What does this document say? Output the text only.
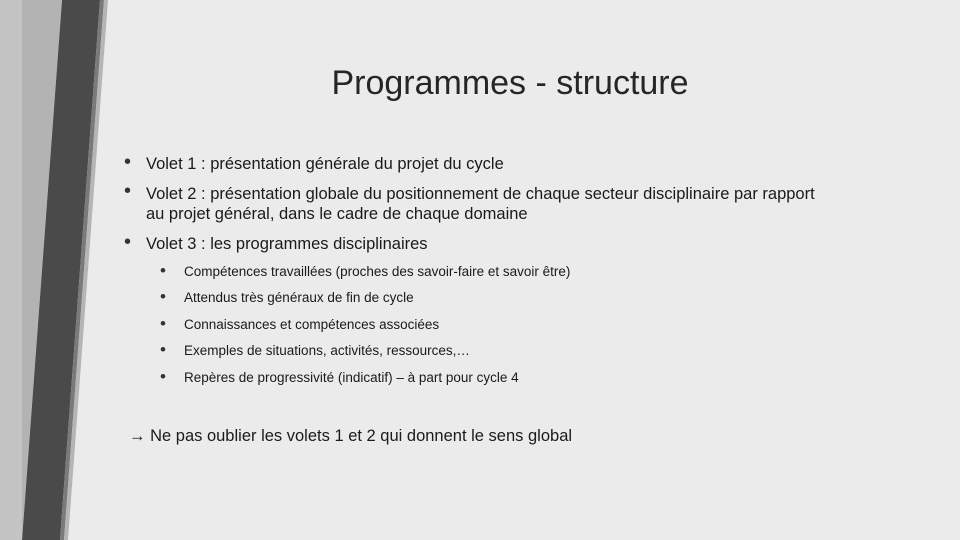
Programmes - structure
• Volet 1 : présentation générale du projet du cycle
• Volet 2 : présentation globale du positionnement de chaque secteur disciplinaire par rapport au projet général, dans le cadre de chaque domaine
• Volet 3 : les programmes disciplinaires
• Compétences travaillées (proches des savoir-faire et savoir être)
• Attendus très généraux de fin de cycle
• Connaissances et compétences associées
• Exemples de situations, activités, ressources,…
• Repères de progressivité (indicatif) – à part pour cycle 4
→ Ne pas oublier les volets 1 et 2 qui donnent le sens global
